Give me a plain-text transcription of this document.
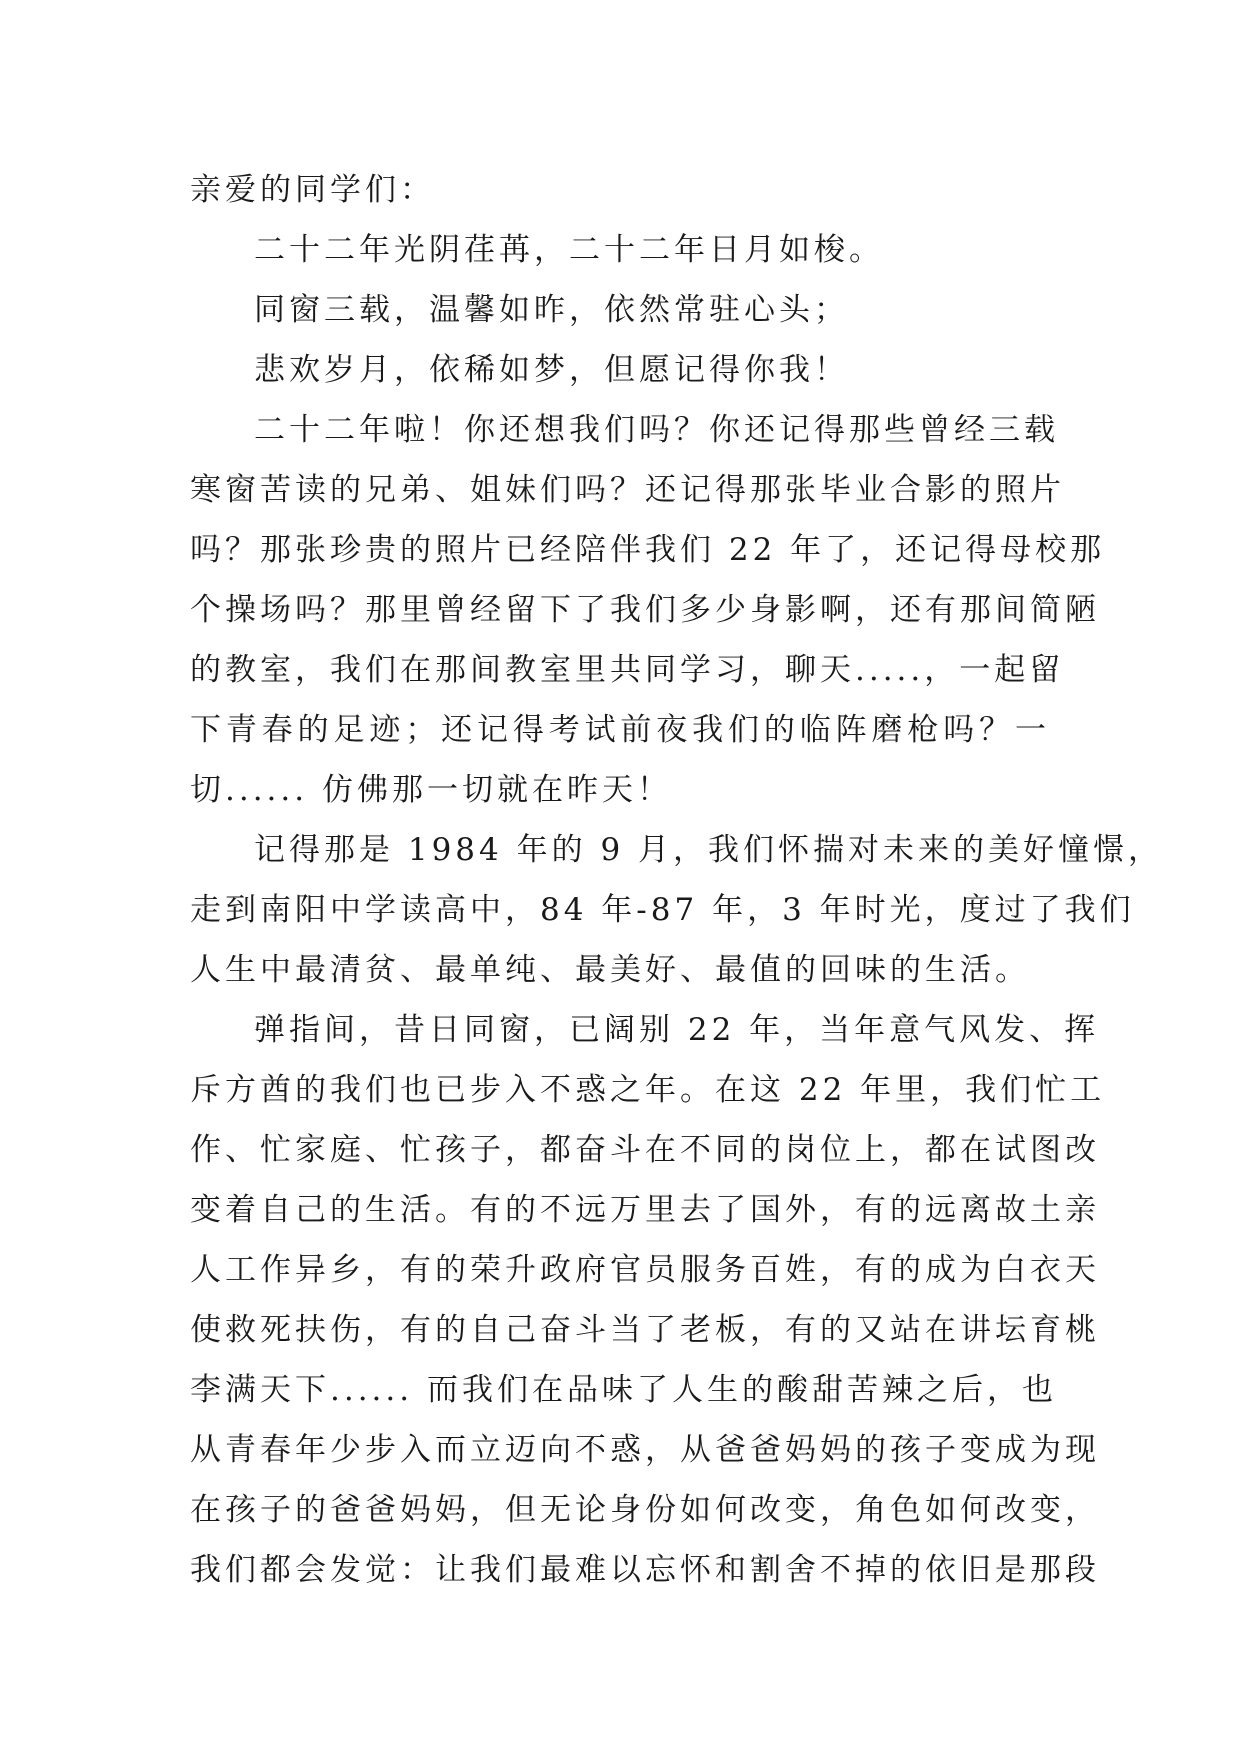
亲爱的同学们：
二十二年光阴荏苒，二十二年日月如梭。
同窗三载，温馨如昨，依然常驻心头；
悲欢岁月，依稀如梦，但愿记得你我！
二十二年啦！你还想我们吗？你还记得那些曾经三载
寒窗苦读的兄弟、姐妹们吗？还记得那张毕业合影的照片
吗？那张珍贵的照片已经陪伴我们 22 年了，还记得母校那
个操场吗？那里曾经留下了我们多少身影啊，还有那间简陋
的教室，我们在那间教室里共同学习，聊天.....，一起留
下青春的足迹；还记得考试前夜我们的临阵磨枪吗？一
切...... 仿佛那一切就在昨天！
记得那是 1984 年的 9 月，我们怀揣对未来的美好憧憬，
走到南阳中学读高中，84 年-87 年，3 年时光，度过了我们
人生中最清贫、最单纯、最美好、最值的回味的生活。
弹指间，昔日同窗，已阔别 22 年，当年意气风发、挥
斥方酋的我们也已步入不惑之年。在这 22 年里，我们忙工
作、忙家庭、忙孩子，都奋斗在不同的岗位上，都在试图改
变着自己的生活。有的不远万里去了国外，有的远离故土亲
人工作异乡，有的荣升政府官员服务百姓，有的成为白衣天
使救死扶伤，有的自己奋斗当了老板，有的又站在讲坛育桃
李满天下...... 而我们在品味了人生的酸甜苦辣之后，也
从青春年少步入而立迈向不惑，从爸爸妈妈的孩子变成为现
在孩子的爸爸妈妈，但无论身份如何改变，角色如何改变，
我们都会发觉：让我们最难以忘怀和割舍不掉的依旧是那段
